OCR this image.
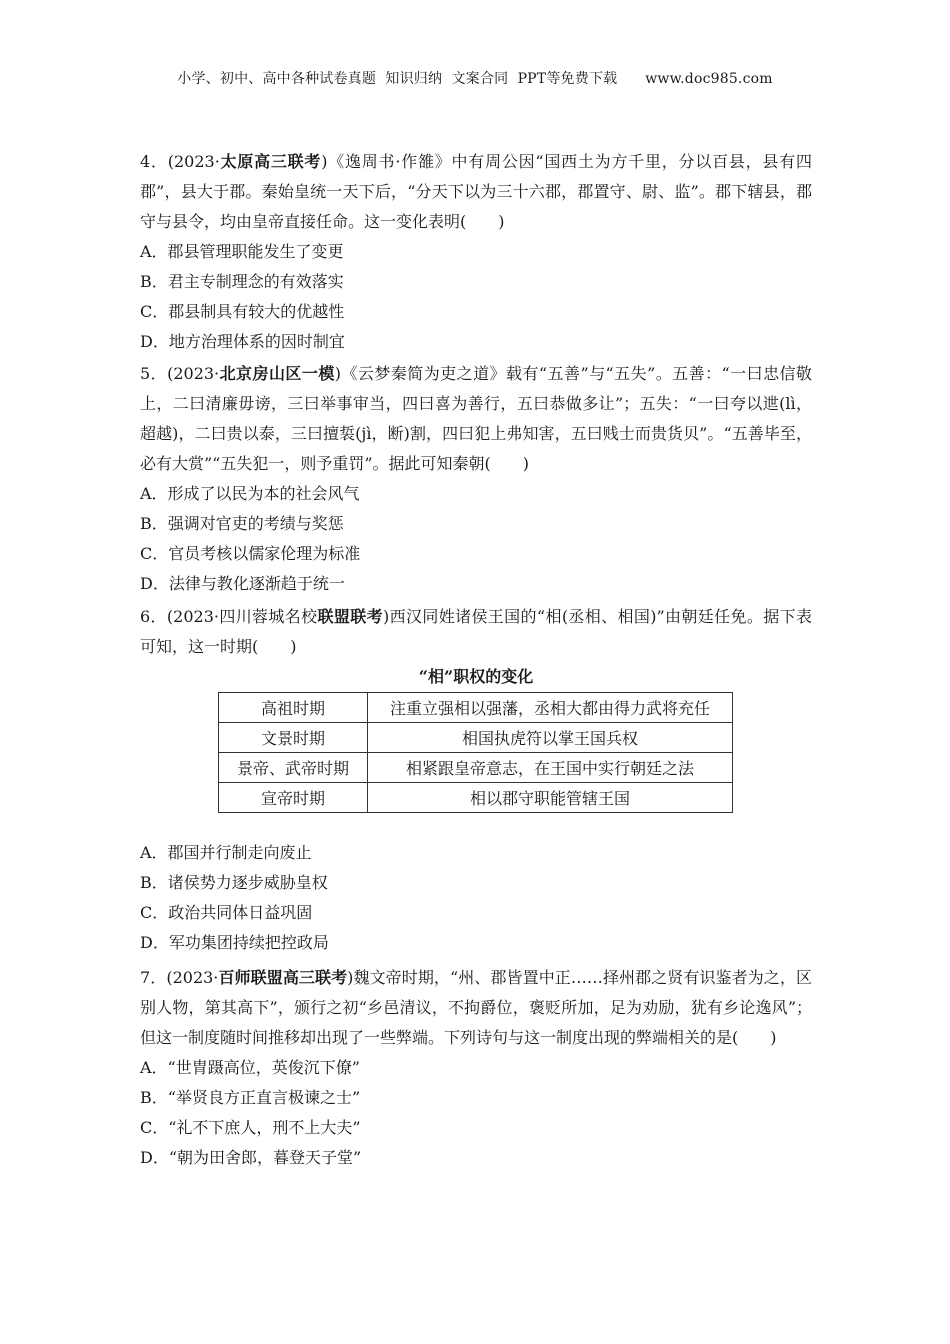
小学、初中、高中各种试卷真题  知识归纳  文案合同  PPT等免费下载      www.doc985.com

4．(2023·太原高三联考)《逸周书·作雒》中有周公因“国西土为方千里，分以百县，县有四郡”，县大于郡。秦始皇统一天下后，“分天下以为三十六郡，郡置守、尉、监”。郡下辖县，郡守与县令，均由皇帝直接任命。这一变化表明(　　)

A．郡县管理职能发生了变更

B．君主专制理念的有效落实

C．郡县制具有较大的优越性

D．地方治理体系的因时制宜

5．(2023·北京房山区一模)《云梦秦简为吏之道》载有“五善”与“五失”。五善：“一曰忠信敬上，二曰清廉毋谤，三曰举事审当，四曰喜为善行，五曰恭做多让”；五失：“一曰夸以迣(lì，超越)，二曰贵以泰，三曰擅裚(jì，断)割，四曰犯上弗知害，五曰贱士而贵货贝”。“五善毕至，必有大赏”“五失犯一，则予重罚”。据此可知秦朝(　　)

A．形成了以民为本的社会风气

B．强调对官吏的考绩与奖惩

C．官员考核以儒家伦理为标准

D．法律与教化逐渐趋于统一

6．(2023·四川蓉城名校联盟联考)西汉同姓诸侯王国的“相(丞相、相国)”由朝廷任免。据下表可知，这一时期(　　)

“相”职权的变化
高祖时期	注重立强相以强藩，丞相大都由得力武将充任
文景时期	相国执虎符以掌王国兵权
景帝、武帝时期	相紧跟皇帝意志，在王国中实行朝廷之法
宣帝时期	相以郡守职能管辖王国

A．郡国并行制走向废止

B．诸侯势力逐步威胁皇权

C．政治共同体日益巩固

D．军功集团持续把控政局

7．(2023·百师联盟高三联考)魏文帝时期，“州、郡皆置中正……择州郡之贤有识鉴者为之，区别人物，第其高下”，颁行之初“乡邑清议，不拘爵位，褒贬所加，足为劝励，犹有乡论逸风”；但这一制度随时间推移却出现了一些弊端。下列诗句与这一制度出现的弊端相关的是(　　)

A．“世胄蹑高位，英俊沉下僚”

B．“举贤良方正直言极谏之士”

C．“礼不下庶人，刑不上大夫”

D．“朝为田舍郎，暮登天子堂”
